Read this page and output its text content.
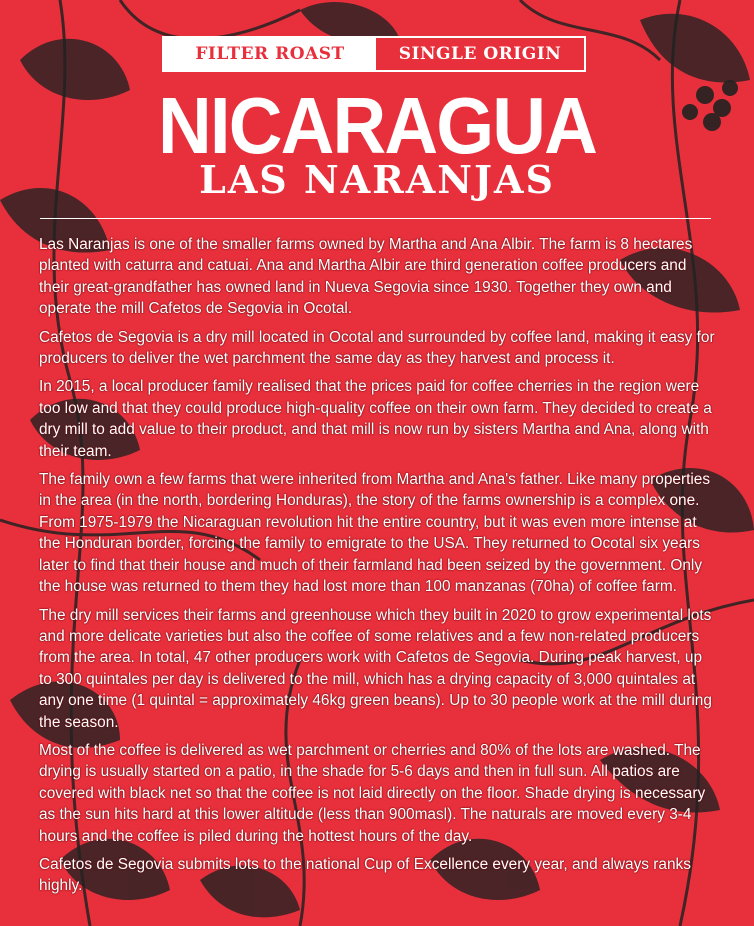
FILTER ROAST	SINGLE ORIGIN
NICARAGUA
LAS NARANJAS

Las Naranjas is one of the smaller farms owned by Martha and Ana Albir. The farm is 8 hectares planted with caturra and catuai. Ana and Martha Albir are third generation coffee producers and their great-grandfather has owned land in Nueva Segovia since 1930. Together they own and operate the mill Cafetos de Segovia in Ocotal.

Cafetos de Segovia is a dry mill located in Ocotal and surrounded by coffee land, making it easy for producers to deliver the wet parchment the same day as they harvest and process it.

In 2015, a local producer family realised that the prices paid for coffee cherries in the region were too low and that they could produce high-quality coffee on their own farm. They decided to create a dry mill to add value to their product, and that mill is now run by sisters Martha and Ana, along with their team.

The family own a few farms that were inherited from Martha and Ana's father. Like many properties in the area (in the north, bordering Honduras), the story of the farms ownership is a complex one. From 1975-1979 the Nicaraguan revolution hit the entire country, but it was even more intense at the Honduran border, forcing the family to emigrate to the USA. They returned to Ocotal six years later to find that their house and much of their farmland had been seized by the government. Only the house was returned to them they had lost more than 100 manzanas (70ha) of coffee farm.

The dry mill services their farms and greenhouse which they built in 2020 to grow experimental lots and more delicate varieties but also the coffee of some relatives and a few non-related producers from the area. In total, 47 other producers work with Cafetos de Segovia. During peak harvest, up to 300 quintales per day is delivered to the mill, which has a drying capacity of 3,000 quintales at any one time (1 quintal = approximately 46kg green beans). Up to 30 people work at the mill during the season.

Most of the coffee is delivered as wet parchment or cherries and 80% of the lots are washed. The drying is usually started on a patio, in the shade for 5-6 days and then in full sun. All patios are covered with black net so that the coffee is not laid directly on the floor. Shade drying is necessary as the sun hits hard at this lower altitude (less than 900masl). The naturals are moved every 3-4 hours and the coffee is piled during the hottest hours of the day.

Cafetos de Segovia submits lots to the national Cup of Excellence every year, and always ranks highly.
